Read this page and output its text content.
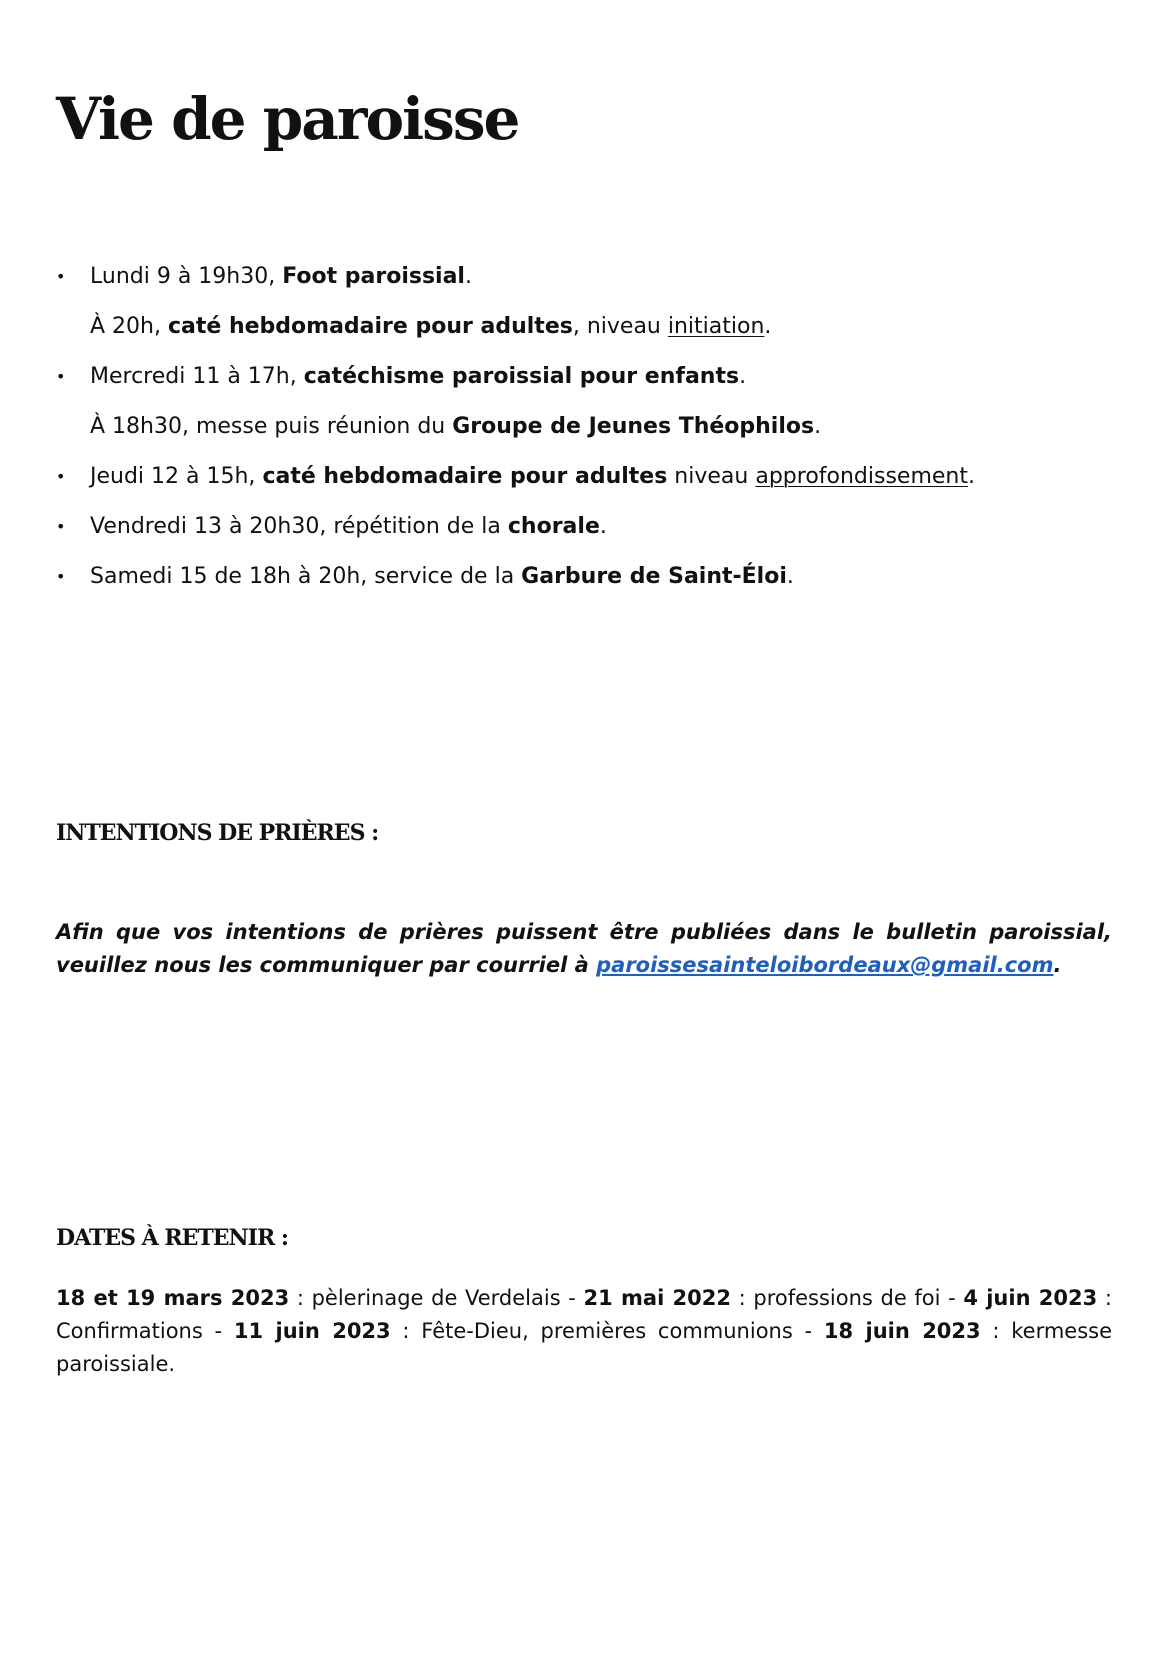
Vie de paroisse
• Lundi 9 à 19h30, Foot paroissial.
À 20h, caté hebdomadaire pour adultes, niveau initiation.
• Mercredi 11 à 17h, catéchisme paroissial pour enfants.
À 18h30, messe puis réunion du Groupe de Jeunes Théophilos.
• Jeudi 12 à 15h, caté hebdomadaire pour adultes niveau approfondissement.
• Vendredi 13 à 20h30, répétition de la chorale.
• Samedi 15 de 18h à 20h, service de la Garbure de Saint-Éloi.
INTENTIONS DE PRIÈRES :

Afin que vos intentions de prières puissent être publiées dans le bulletin paroissial, veuillez nous les communiquer par courriel à paroissesainteloibordeaux@gmail.com.

DATES À RETENIR :

18 et 19 mars 2023 : pèlerinage de Verdelais - 21 mai 2022 : professions de foi - 4 juin 2023 : Confirmations - 11 juin 2023 : Fête-Dieu, premières communions - 18 juin 2023 : kermesse paroissiale.
